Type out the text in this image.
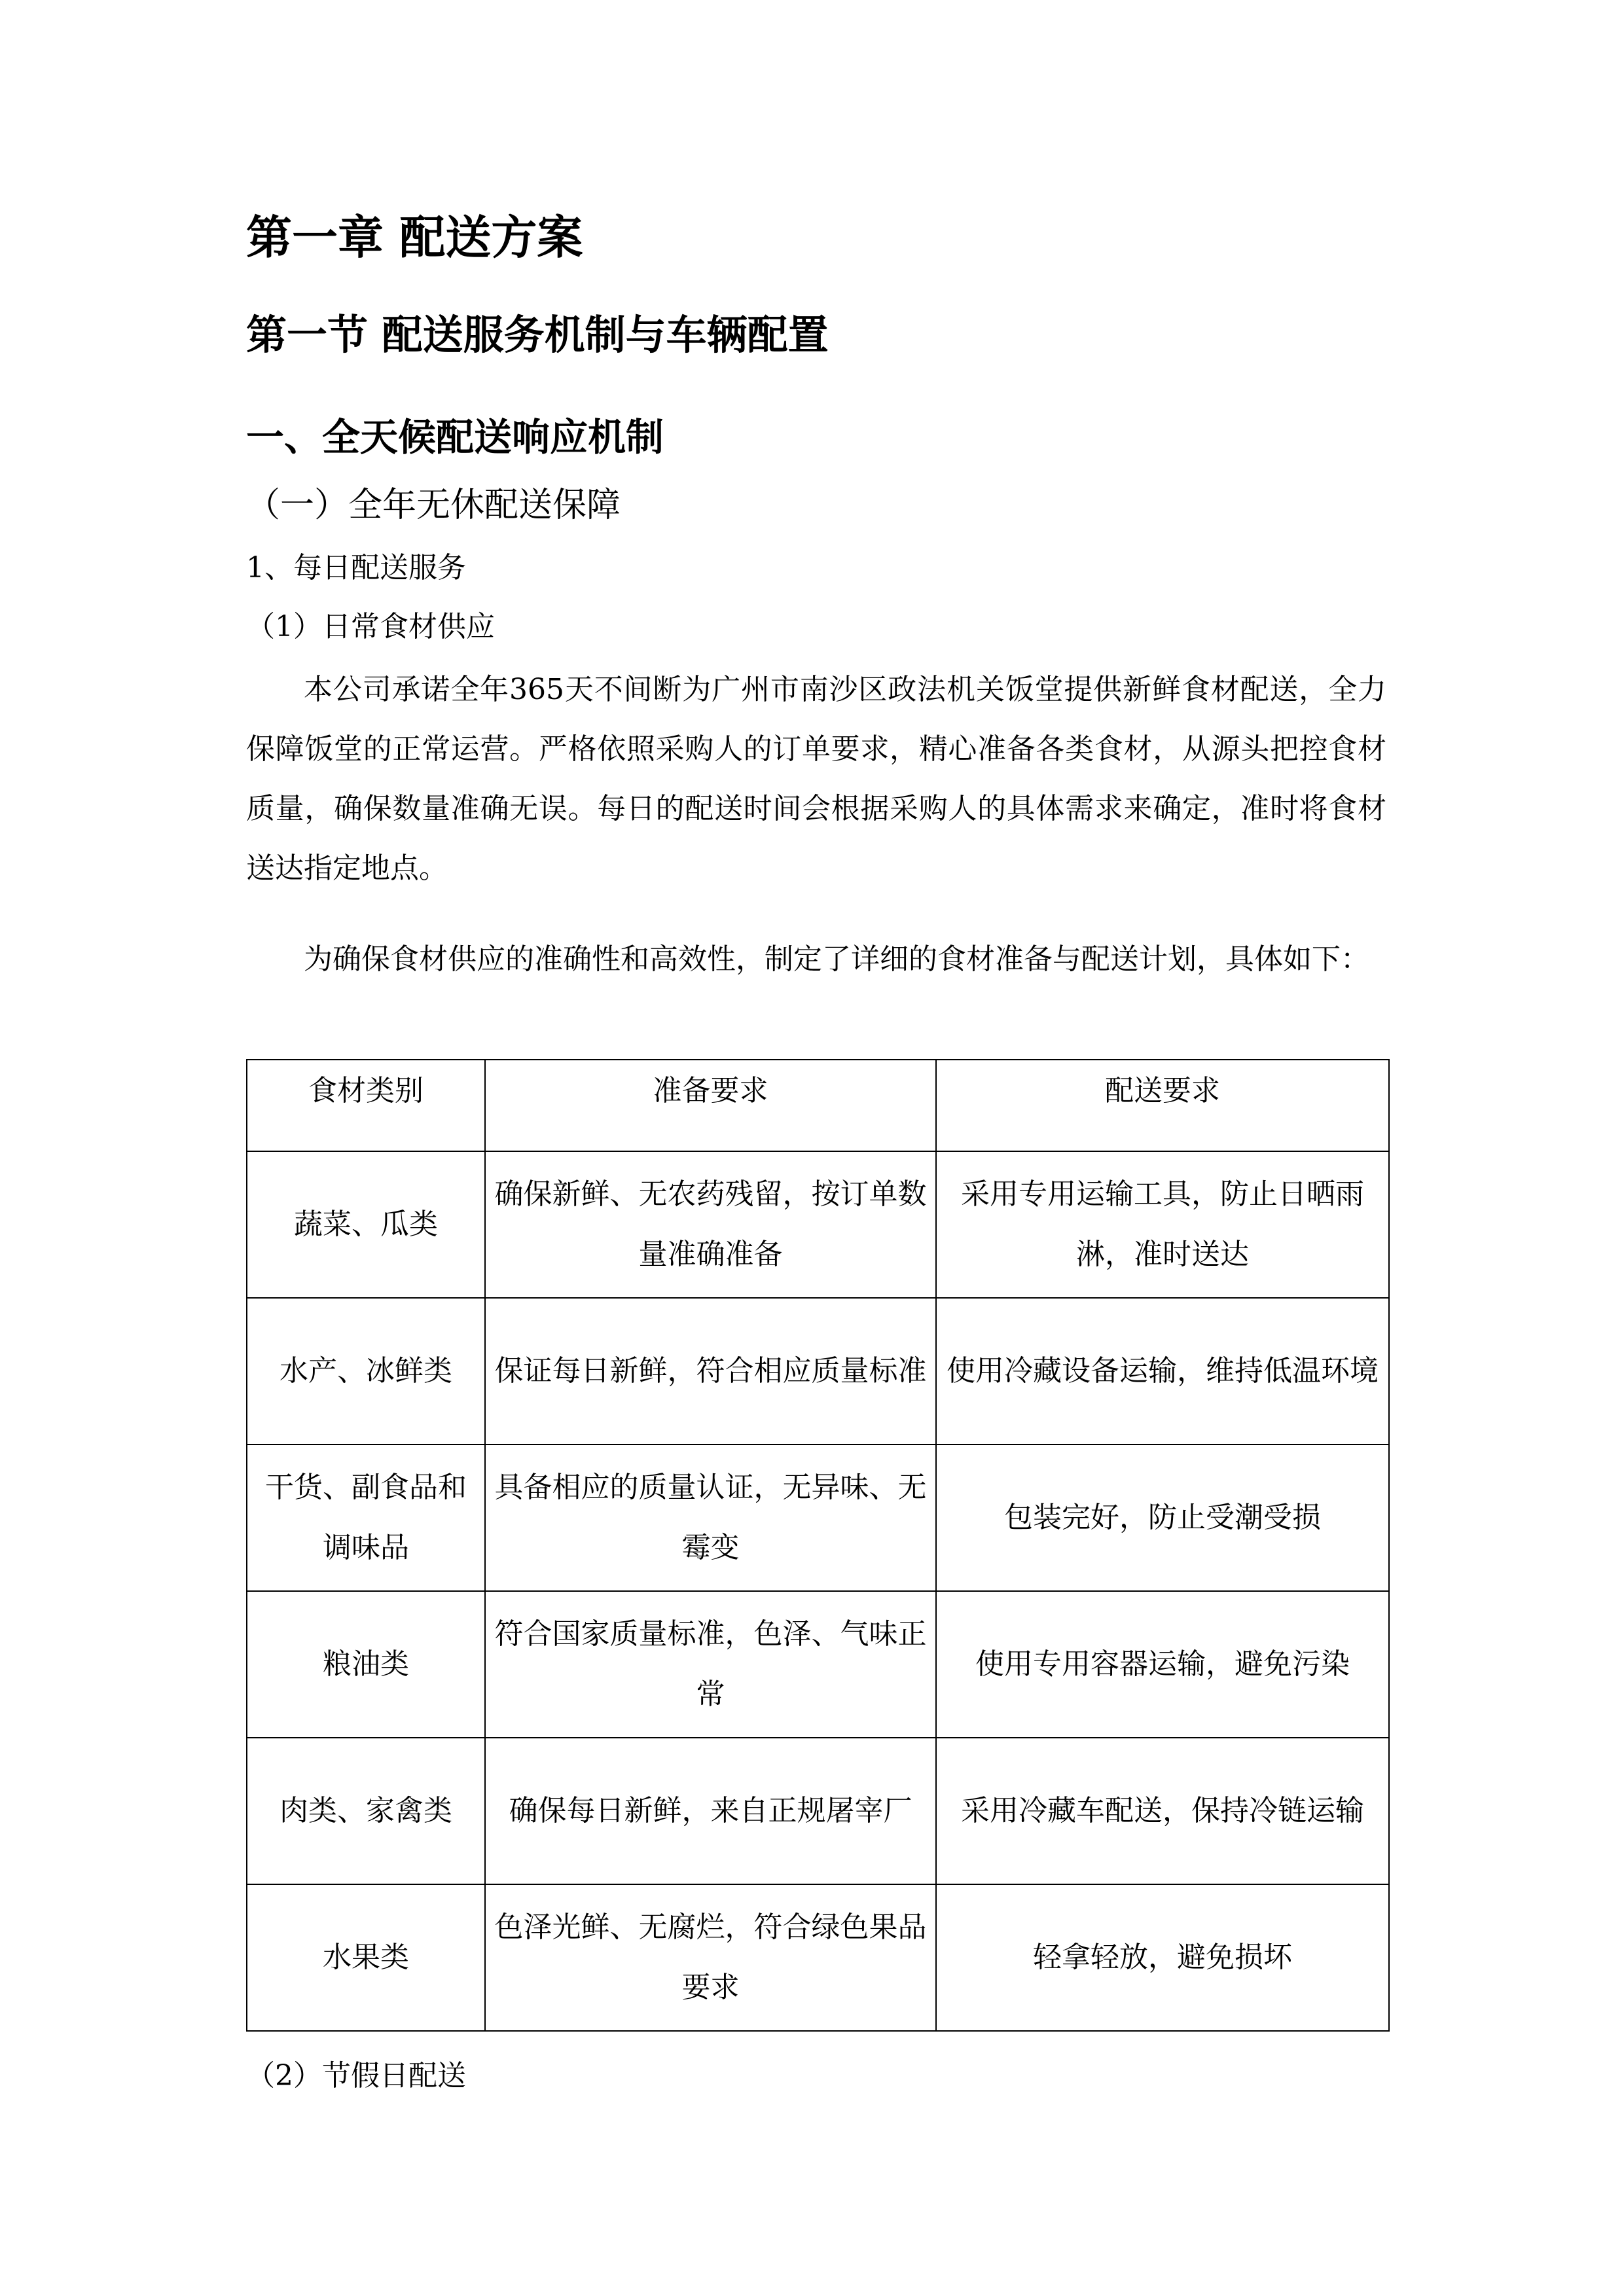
第一章 配送方案
第一节 配送服务机制与车辆配置
一、全天候配送响应机制
（一）全年无休配送保障
1、每日配送服务
（1）日常食材供应

本公司承诺全年365天不间断为广州市南沙区政法机关饭堂提供新鲜食材配送，全力保障饭堂的正常运营。严格依照采购人的订单要求，精心准备各类食材，从源头把控食材质量，确保数量准确无误。每日的配送时间会根据采购人的具体需求来确定，准时将食材送达指定地点。

为确保食材供应的准确性和高效性，制定了详细的食材准备与配送计划，具体如下：

食材类别	准备要求	配送要求
蔬菜、瓜类	确保新鲜、无农药残留，按订单数量准确准备	采用专用运输工具，防止日晒雨淋，准时送达
水产、冰鲜类	保证每日新鲜，符合相应质量标准	使用冷藏设备运输，维持低温环境
干货、副食品和调味品	具备相应的质量认证，无异味、无霉变	包装完好，防止受潮受损
粮油类	符合国家质量标准，色泽、气味正常	使用专用容器运输，避免污染
肉类、家禽类	确保每日新鲜，来自正规屠宰厂	采用冷藏车配送，保持冷链运输
水果类	色泽光鲜、无腐烂，符合绿色果品要求	轻拿轻放，避免损坏
（2）节假日配送
